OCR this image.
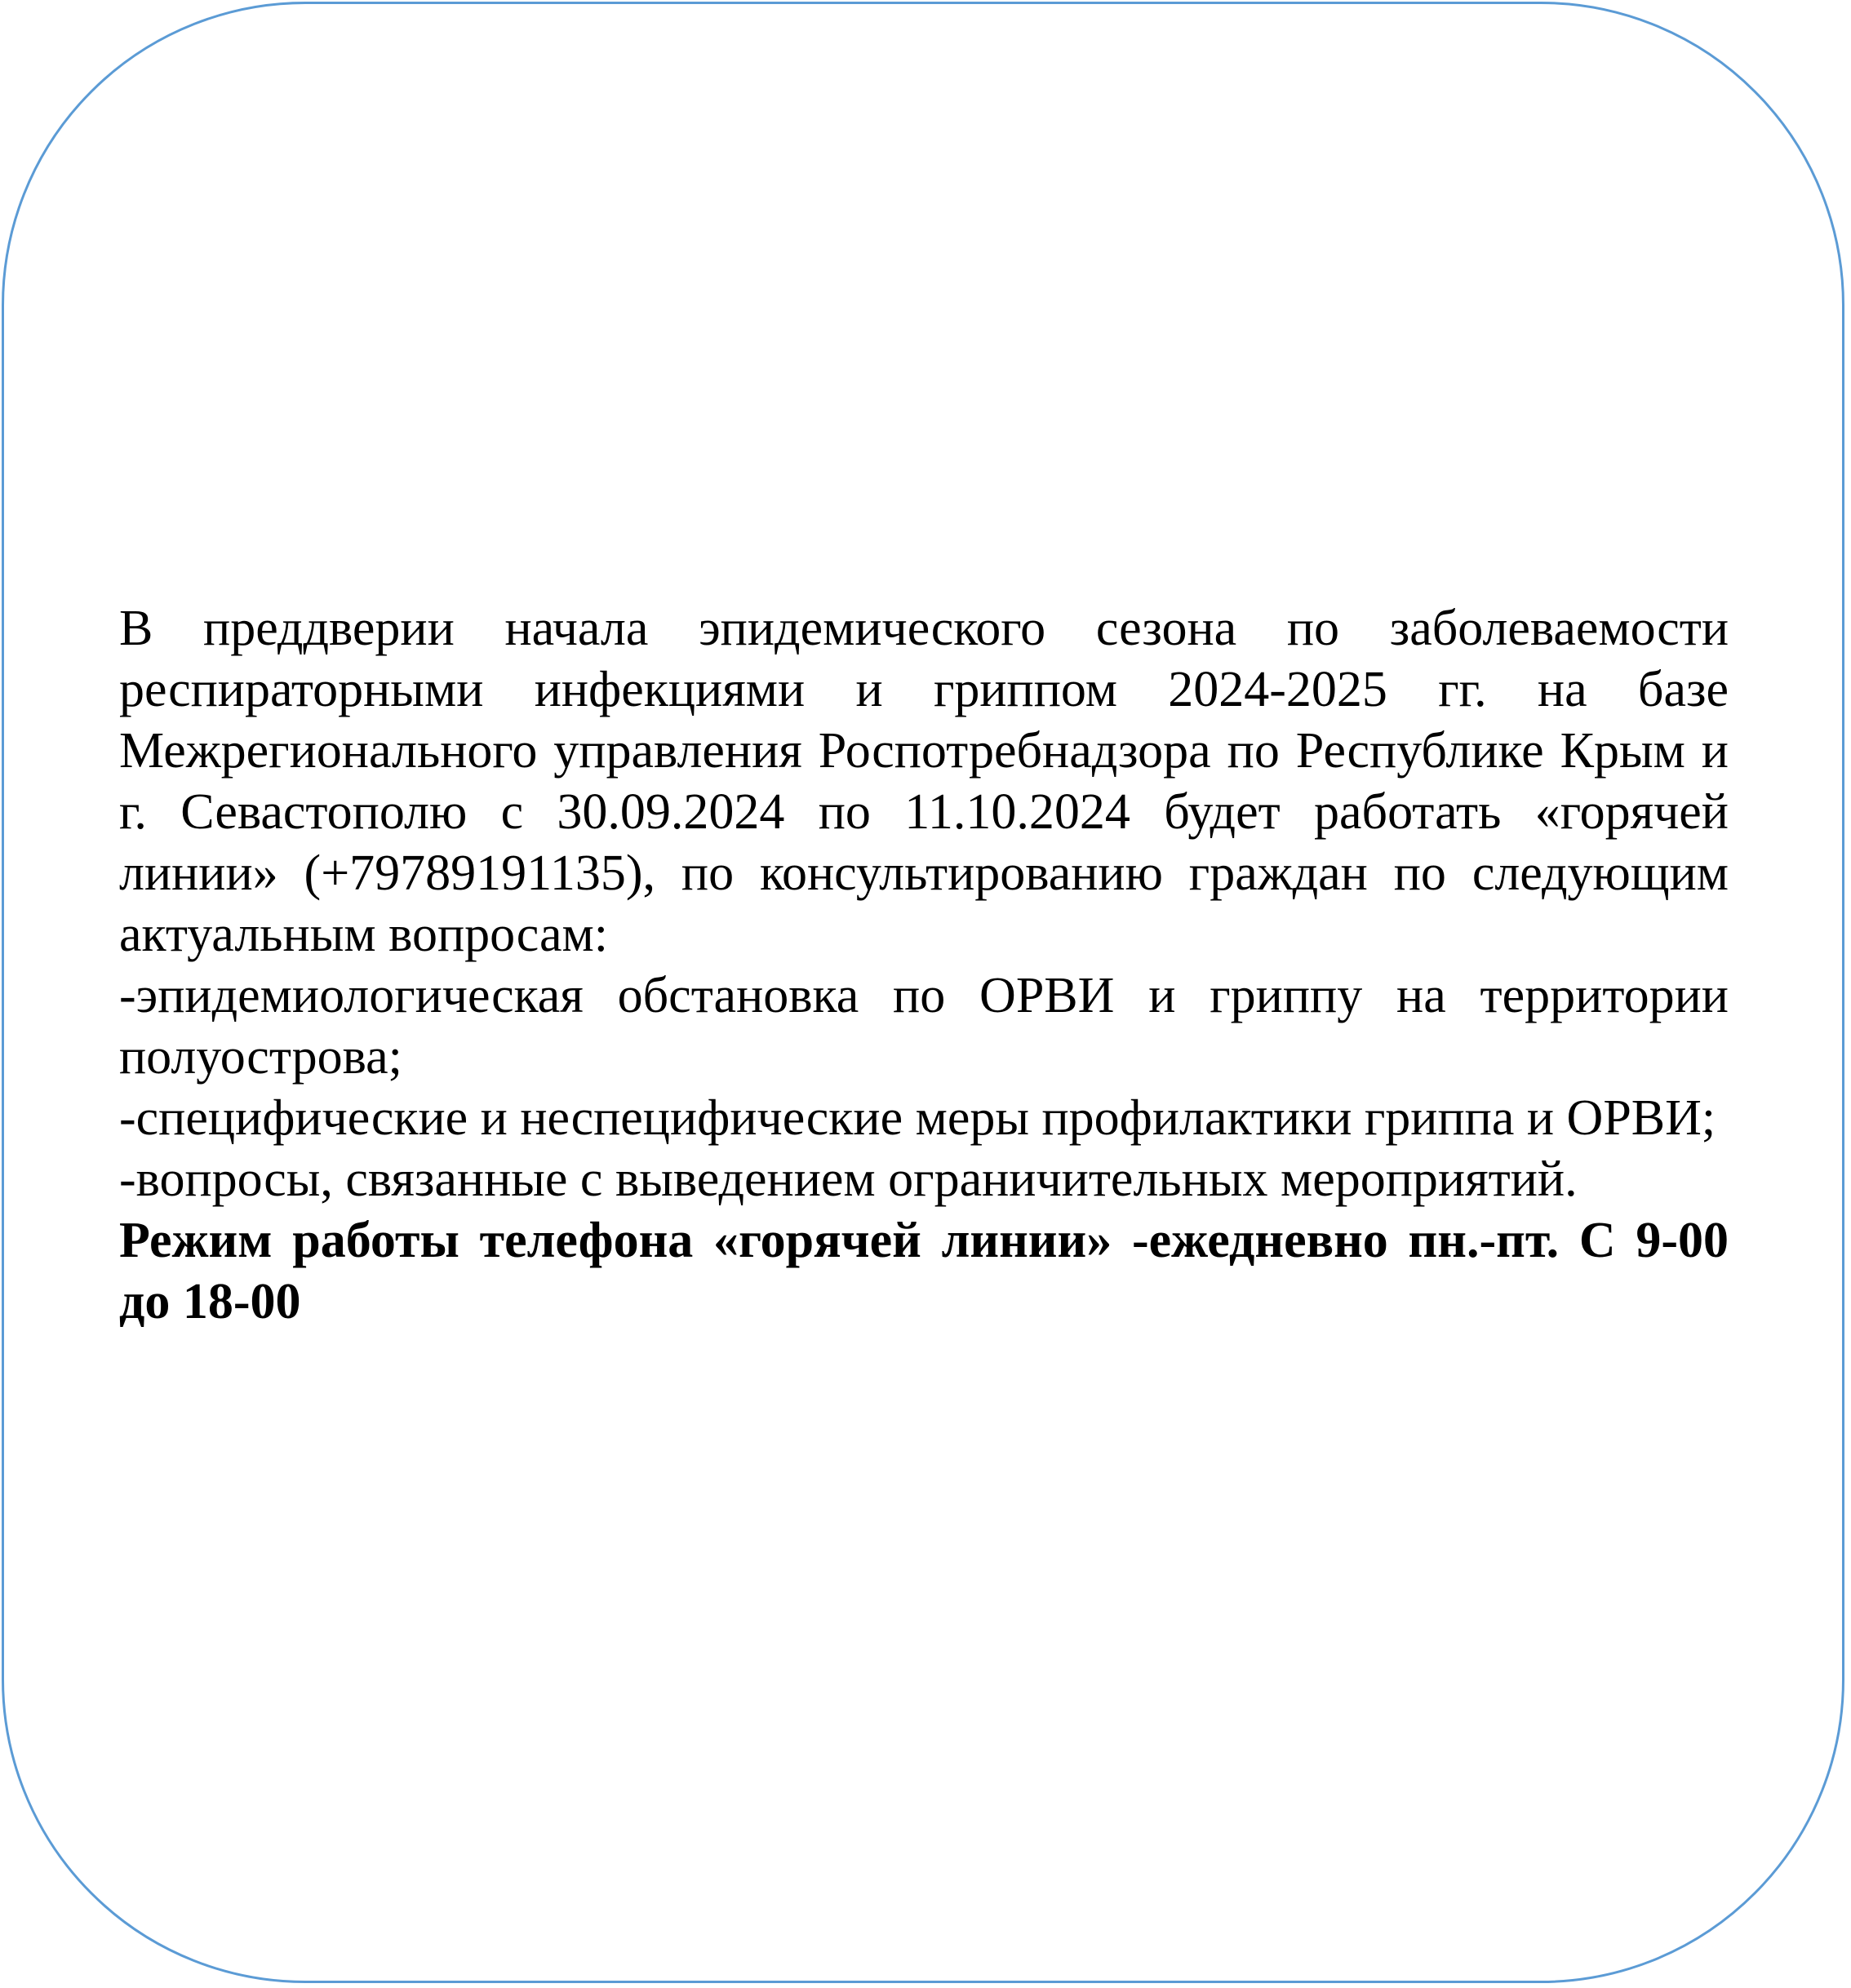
В преддверии начала эпидемического сезона по заболеваемости респираторными инфекциями и гриппом 2024-2025 гг. на базе Межрегионального управления Роспотребнадзора по Республике Крым и г. Севастополю с 30.09.2024 по 11.10.2024 будет работать «горячей линии» (+79789191135), по консультированию граждан по следующим актуальным вопросам:

-эпидемиологическая обстановка по ОРВИ и гриппу на территории полуострова;

-специфические и неспецифические меры профилактики гриппа и ОРВИ;

-вопросы, связанные с выведением ограничительных мероприятий.

Режим работы телефона «горячей линии» -ежедневно пн.-пт. С 9-00 до 18-00
